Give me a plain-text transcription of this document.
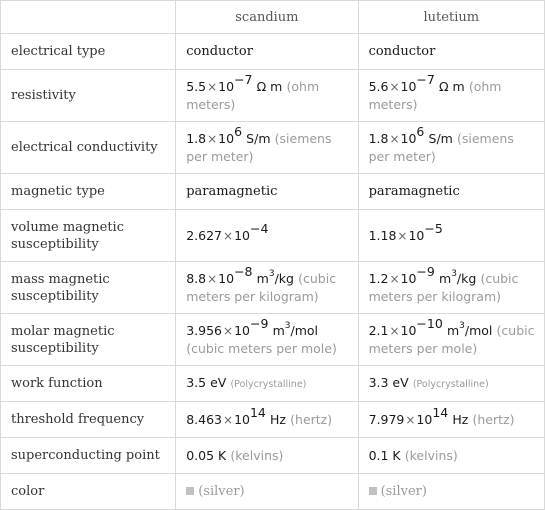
	scandium	lutetium
electrical type	conductor	conductor
resistivity	$5.5\times 10^{-7}$ Ω m (ohm meters)	$5.6\times 10^{-7}$ Ω m (ohm meters)
electrical conductivity	$1.8\times 10^6$ S/m (siemens per meter)	$1.8\times 10^6$ S/m (siemens per meter)
magnetic type	paramagnetic	paramagnetic
volume magnetic susceptibility	$2.627\times 10^{-4}$	$1.18\times 10^{-5}$
mass magnetic susceptibility	$8.8\times 10^{-8}$ $m^3/kg$ (cubic meters per kilogram)	$1.2\times 10^{-9}$ $m^3/kg$ (cubic meters per kilogram)
molar magnetic susceptibility	$3.956\times 10^{-9}$ $m^3$/mol (cubic meters per mole)	$2.1\times 10^{-10}$ $m^3$/mol (cubic meters per mole)
work function	3.5 eV (Polycrystalline)	3.3 eV (Polycrystalline)
threshold frequency	$8.463\times 10^{14}$ Hz (hertz)	$7.979\times 10^{14}$ Hz (hertz)
superconducting point	0.05 K (kelvins)	0.1 K (kelvins)
color	(silver)	(silver)
